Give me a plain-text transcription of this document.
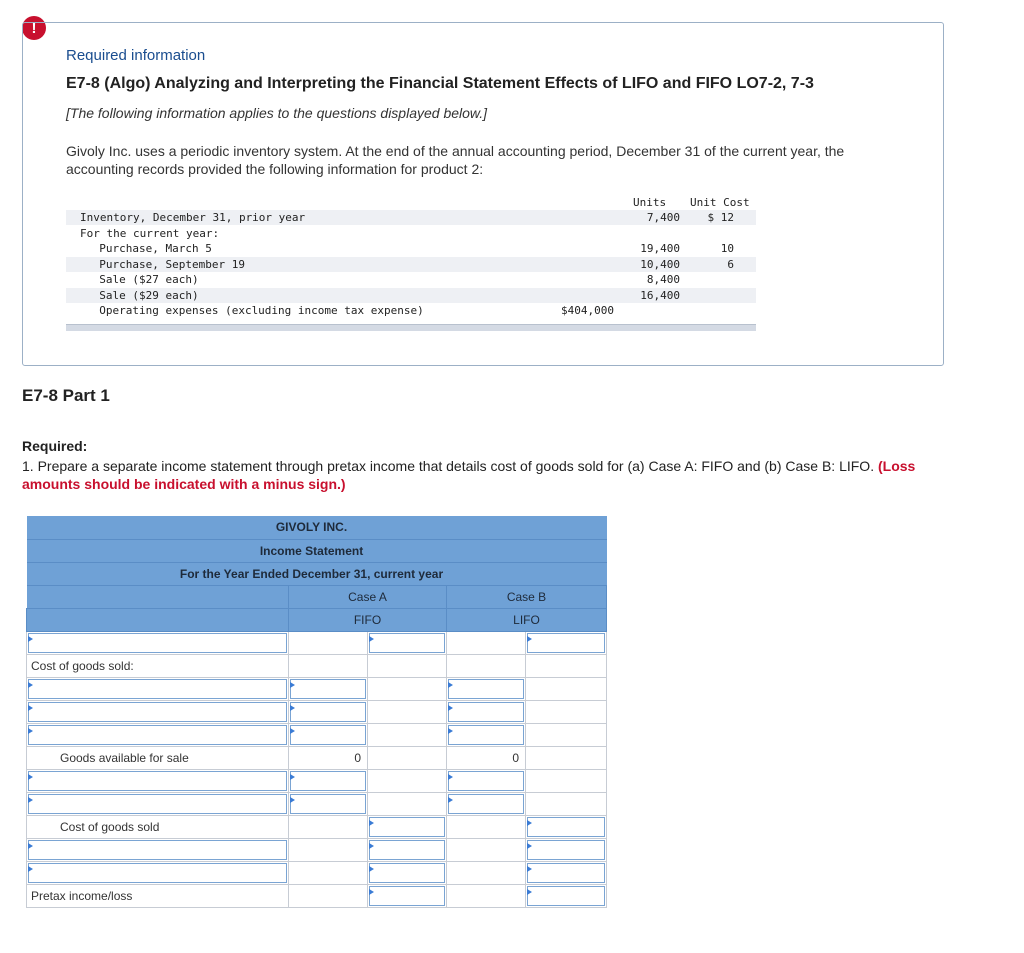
!
Required information
E7-8 (Algo) Analyzing and Interpreting the Financial Statement Effects of LIFO and FIFO LO7-2, 7-3
[The following information applies to the questions displayed below.]
Givoly Inc. uses a periodic inventory system. At the end of the annual accounting period, December 31 of the current year, the accounting records provided the following information for product 2:
Units Unit Cost
Inventory, December 31, prior year	7,400	$ 12
For the current year:
Purchase, March 5	19,400	10
Purchase, September 19	10,400	6
Sale ($27 each)	8,400
Sale ($29 each)	16,400
Operating expenses (excluding income tax expense)	$404,000
E7-8 Part 1
Required:
1. Prepare a separate income statement through pretax income that details cost of goods sold for (a) Case A: FIFO and (b) Case B: LIFO. (Loss amounts should be indicated with a minus sign.)
GIVOLY INC.				
Income Statement				
For the Year Ended December 31, current year				
	Case A		Case B	
	FIFO		LIFO	

Cost of goods sold:				

Goods available for sale	0		0	

Cost of goods sold		

Pretax income/loss		
